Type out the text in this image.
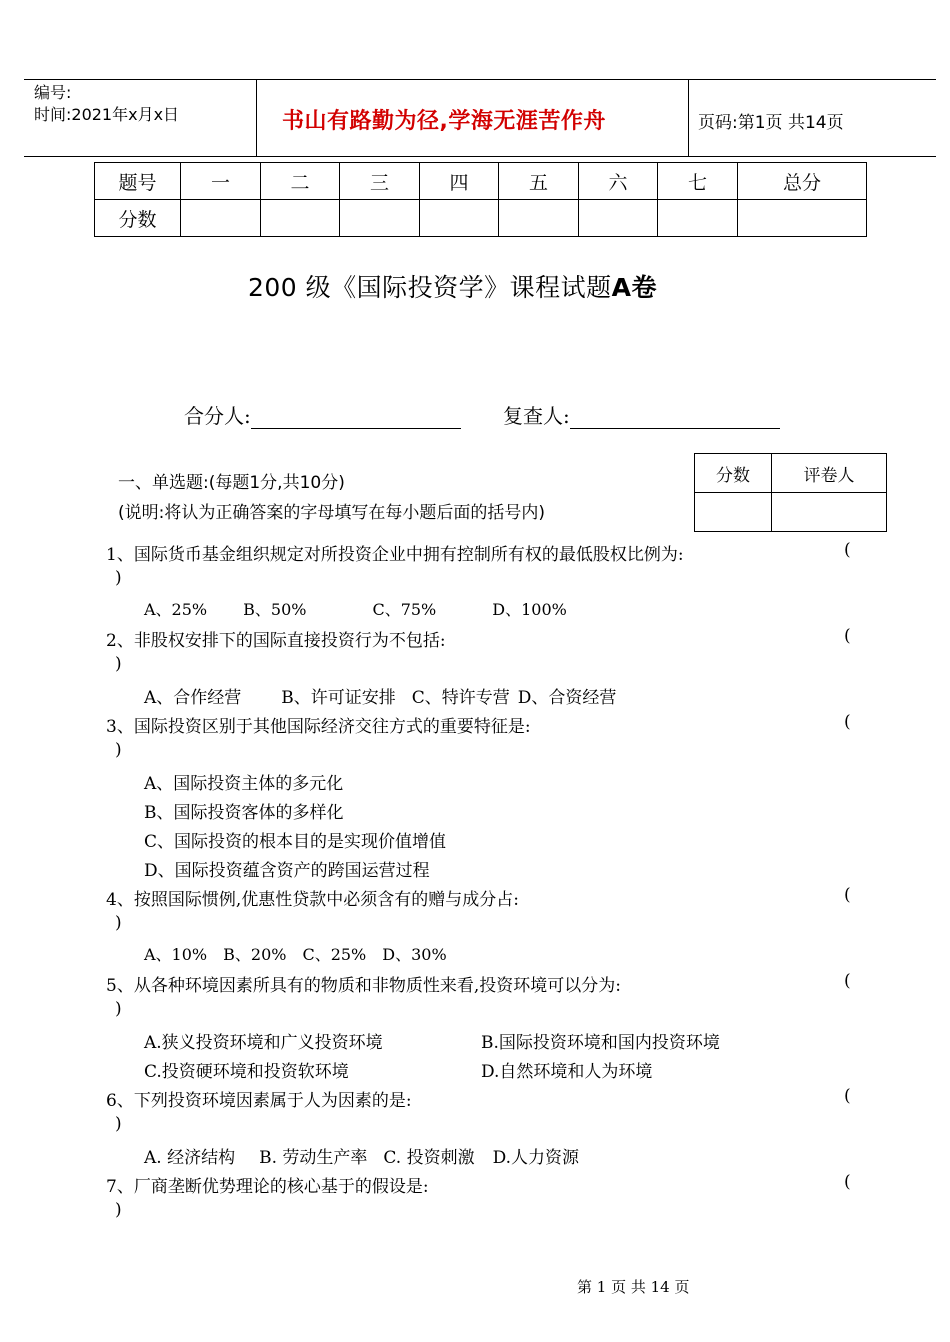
编号:
时间:2021年x月x日	书山有路勤为径,学海无涯苦作舟	页码:第1页 共14页
题号	一	二	三	四	五	六	七	总分
分数								
200 级《国际投资学》课程试题A卷
合分人:	复查人:
一、单选题:(每题1分,共10分)
(说明:将认为正确答案的字母填写在每小题后面的括号内)
分数	评卷人

1、国际货币基金组织规定对所投资企业中拥有控制所有权的最低股权比例为:	(
)
A、25% B、50%	C、75%	D、100%
2、非股权安排下的国际直接投资行为不包括:	(
)
A、合作经营 B、许可证安排 C、特许专营 D、合资经营
3、国际投资区别于其他国际经济交往方式的重要特征是:	(
)
A、国际投资主体的多元化
B、国际投资客体的多样化
C、国际投资的根本目的是实现价值增值
D、国际投资蕴含资产的跨国运营过程
4、按照国际惯例,优惠性贷款中必须含有的赠与成分占:	(
)
A、10% B、20% C、25% D、30%
5、从各种环境因素所具有的物质和非物质性来看,投资环境可以分为:	(
)
A.狭义投资环境和广义投资环境	B.国际投资环境和国内投资环境
C.投资硬环境和投资软环境	D.自然环境和人为环境
6、下列投资环境因素属于人为因素的是:	(
)
A. 经济结构 B. 劳动生产率 C. 投资刺激 D.人力资源
7、厂商垄断优势理论的核心基于的假设是:	(
)
第 1 页 共 14 页
